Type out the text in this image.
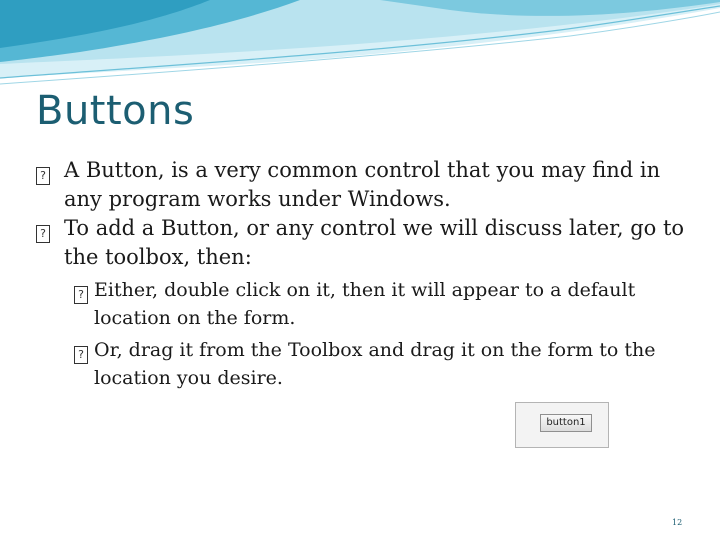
Buttons
? A Button, is a very common control that you may find in any program works under Windows.
? To add a Button, or any control we will discuss later, go to the toolbox, then:
? Either, double click on it, then it will appear to a default location on the form.
? Or, drag it from the Toolbox and drag it on the form to the location you desire.
button1
12
